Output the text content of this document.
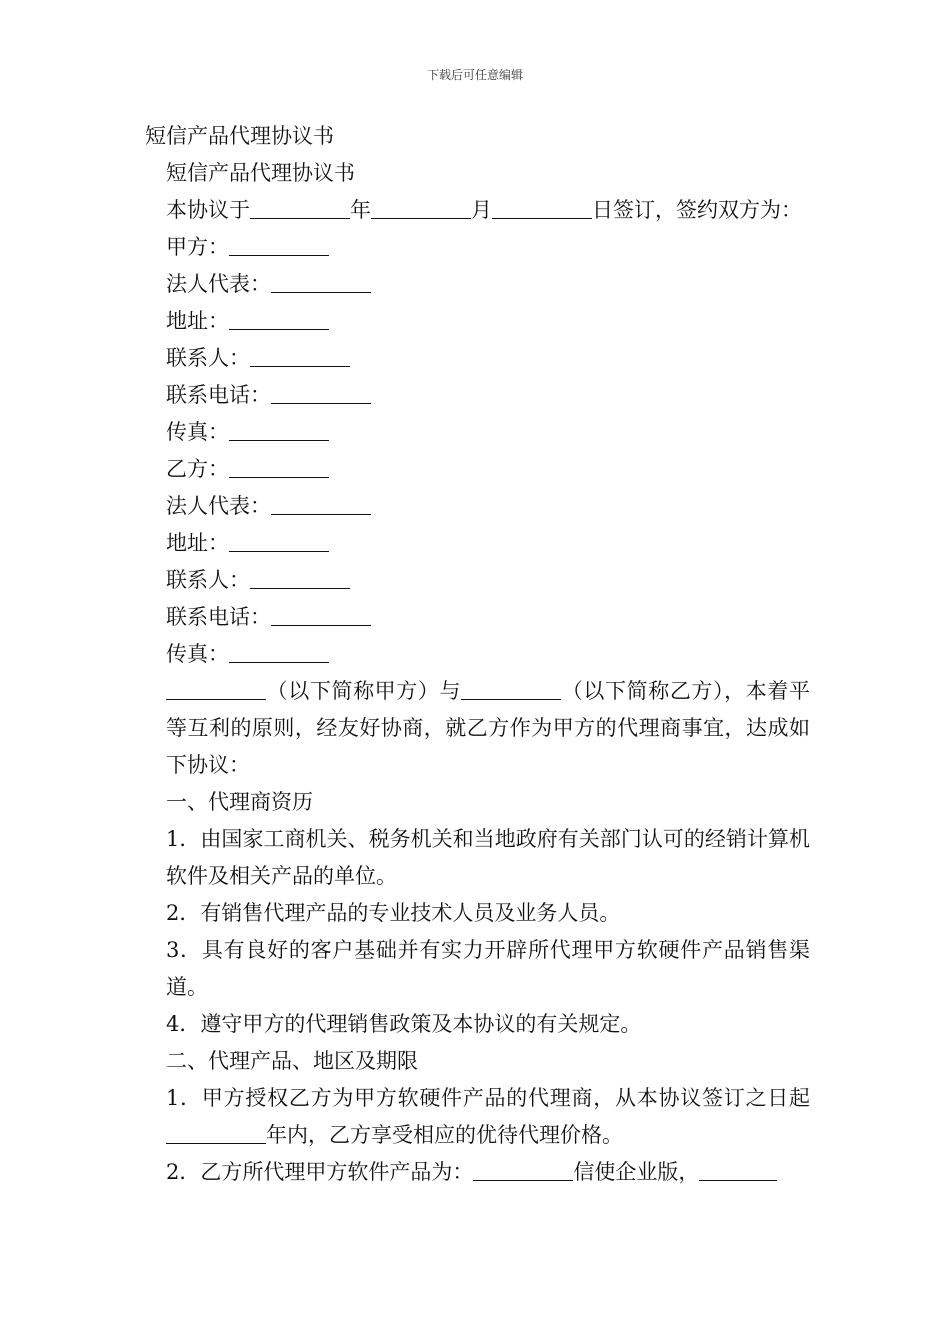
下载后可任意编辑
短信产品代理协议书
短信产品代理协议书
本协议于	年	月	日签订，签约双方为：
甲方：
法人代表：
地址：
联系人：
联系电话：
传真：
乙方：
法人代表：
地址：
联系人：
联系电话：
传真：
（以下简称甲方）与	（以下简称乙方），本着平等互利的原则，经友好协商，就乙方作为甲方的代理商事宜，达成如下协议：
一、代理商资历
1．由国家工商机关、税务机关和当地政府有关部门认可的经销计算机软件及相关产品的单位。
2．有销售代理产品的专业技术人员及业务人员。
3．具有良好的客户基础并有实力开辟所代理甲方软硬件产品销售渠道。
4．遵守甲方的代理销售政策及本协议的有关规定。
二、代理产品、地区及期限
1．甲方授权乙方为甲方软硬件产品的代理商，从本协议签订之日起年内，乙方享受相应的优待代理价格。
2．乙方所代理甲方软件产品为：	信使企业版，
